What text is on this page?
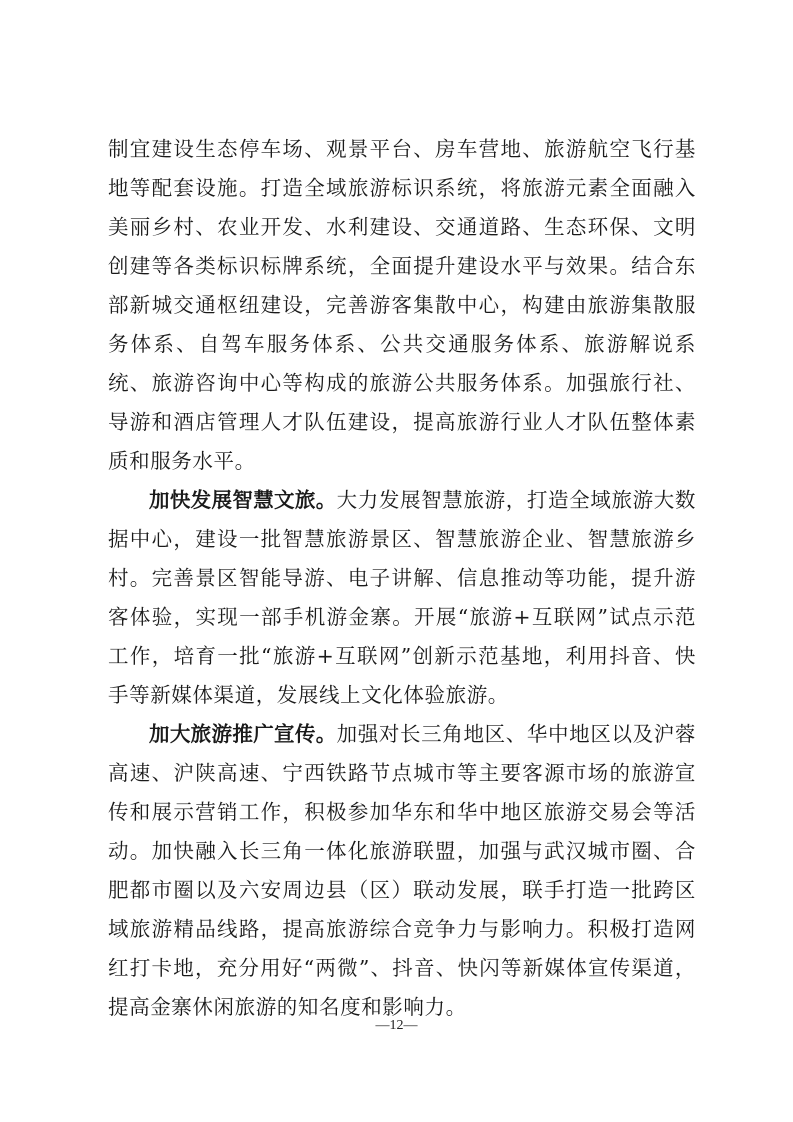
制宜建设生态停车场、观景平台、房车营地、旅游航空飞行基地等配套设施。打造全域旅游标识系统，将旅游元素全面融入美丽乡村、农业开发、水利建设、交通道路、生态环保、文明创建等各类标识标牌系统，全面提升建设水平与效果。结合东部新城交通枢纽建设，完善游客集散中心，构建由旅游集散服务体系、自驾车服务体系、公共交通服务体系、旅游解说系统、旅游咨询中心等构成的旅游公共服务体系。加强旅行社、导游和酒店管理人才队伍建设，提高旅游行业人才队伍整体素质和服务水平。

加快发展智慧文旅。大力发展智慧旅游，打造全域旅游大数据中心，建设一批智慧旅游景区、智慧旅游企业、智慧旅游乡村。完善景区智能导游、电子讲解、信息推动等功能，提升游客体验，实现一部手机游金寨。开展“旅游+互联网”试点示范工作，培育一批“旅游+互联网”创新示范基地，利用抖音、快手等新媒体渠道，发展线上文化体验旅游。

加大旅游推广宣传。加强对长三角地区、华中地区以及沪蓉高速、沪陕高速、宁西铁路节点城市等主要客源市场的旅游宣传和展示营销工作，积极参加华东和华中地区旅游交易会等活动。加快融入长三角一体化旅游联盟，加强与武汉城市圈、合肥都市圈以及六安周边县（区）联动发展，联手打造一批跨区域旅游精品线路，提高旅游综合竞争力与影响力。积极打造网红打卡地，充分用好“两微”、抖音、快闪等新媒体宣传渠道，提高金寨休闲旅游的知名度和影响力。

—12—
